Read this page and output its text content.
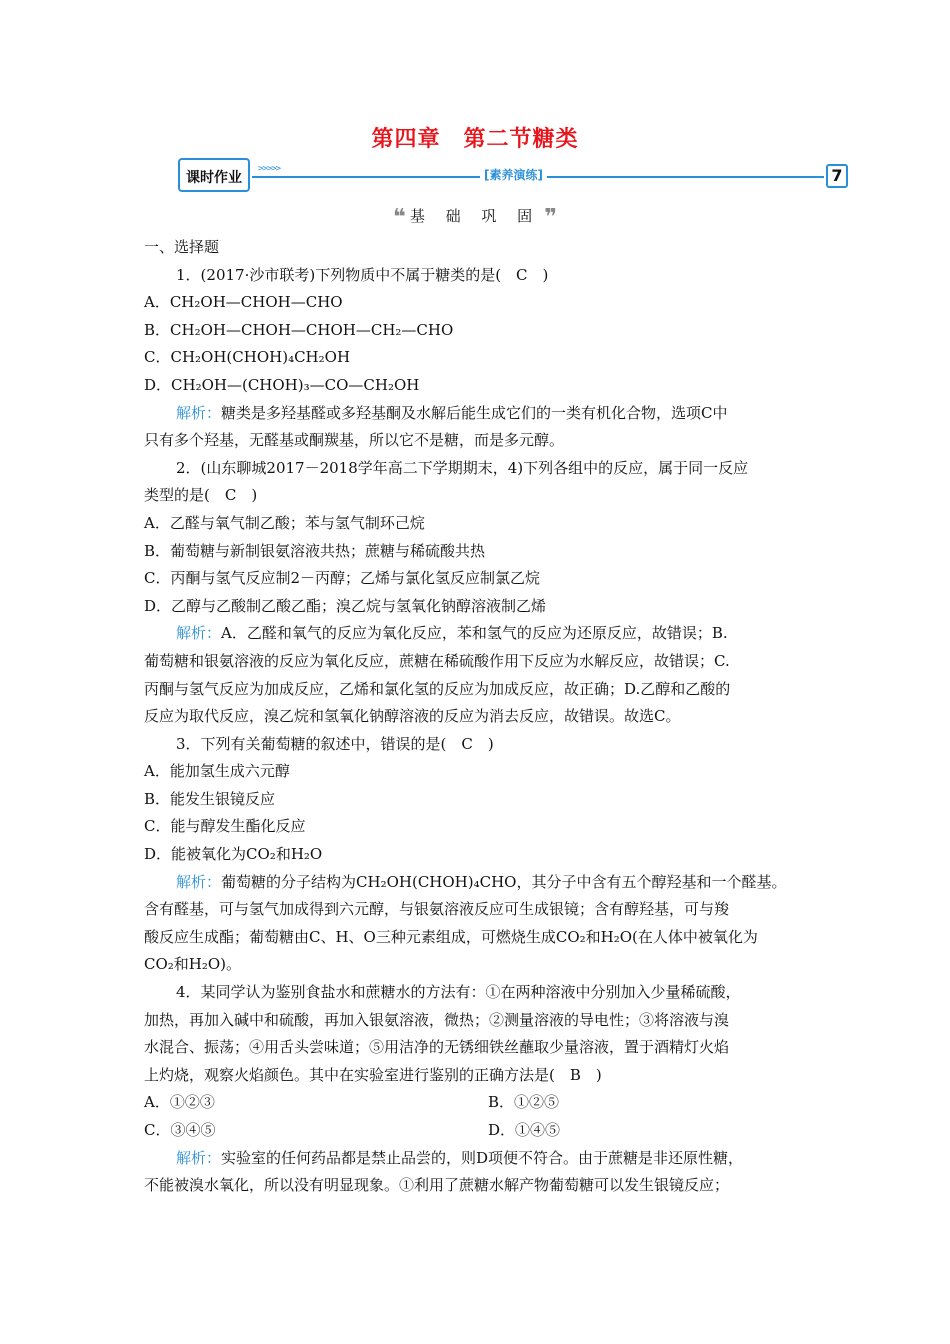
第四章　第二节糖类
课时作业
>>>>>	[素养演练]	7
❝ 基 础 巩 固 ❞
一、选择题
1．(2017·沙市联考)下列物质中不属于糖类的是(　C　)
A．CH₂OH—CHOH—CHO
B．CH₂OH—CHOH—CHOH—CH₂—CHO
C．CH₂OH(CHOH)₄CH₂OH
D．CH₂OH—(CHOH)₃—CO—CH₂OH
解析：糖类是多羟基醛或多羟基酮及水解后能生成它们的一类有机化合物，选项C中
只有多个羟基，无醛基或酮羰基，所以它不是糖，而是多元醇。
2．(山东聊城2017－2018学年高二下学期期末，4)下列各组中的反应，属于同一反应
类型的是(　C　)
A．乙醛与氧气制乙酸；苯与氢气制环己烷
B．葡萄糖与新制银氨溶液共热；蔗糖与稀硫酸共热
C．丙酮与氢气反应制2－丙醇；乙烯与氯化氢反应制氯乙烷
D．乙醇与乙酸制乙酸乙酯；溴乙烷与氢氧化钠醇溶液制乙烯
解析：A．乙醛和氧气的反应为氧化反应，苯和氢气的反应为还原反应，故错误；B.
葡萄糖和银氨溶液的反应为氧化反应，蔗糖在稀硫酸作用下反应为水解反应，故错误；C.
丙酮与氢气反应为加成反应，乙烯和氯化氢的反应为加成反应，故正确；D.乙醇和乙酸的
反应为取代反应，溴乙烷和氢氧化钠醇溶液的反应为消去反应，故错误。故选C。
3．下列有关葡萄糖的叙述中，错误的是(　C　)
A．能加氢生成六元醇
B．能发生银镜反应
C．能与醇发生酯化反应
D．能被氧化为CO₂和H₂O
解析：葡萄糖的分子结构为CH₂OH(CHOH)₄CHO，其分子中含有五个醇羟基和一个醛基。
含有醛基，可与氢气加成得到六元醇，与银氨溶液反应可生成银镜；含有醇羟基，可与羧
酸反应生成酯；葡萄糖由C、H、O三种元素组成，可燃烧生成CO₂和H₂O(在人体中被氧化为
CO₂和H₂O)。
4．某同学认为鉴别食盐水和蔗糖水的方法有：①在两种溶液中分别加入少量稀硫酸，
加热，再加入碱中和硫酸，再加入银氨溶液，微热；②测量溶液的导电性；③将溶液与溴
水混合、振荡；④用舌头尝味道；⑤用洁净的无锈细铁丝蘸取少量溶液，置于酒精灯火焰
上灼烧，观察火焰颜色。其中在实验室进行鉴别的正确方法是(　B　)
A．①②③	B．①②⑤
C．③④⑤	D．①④⑤
解析：实验室的任何药品都是禁止品尝的，则D项便不符合。由于蔗糖是非还原性糖，
不能被溴水氧化，所以没有明显现象。①利用了蔗糖水解产物葡萄糖可以发生银镜反应；
